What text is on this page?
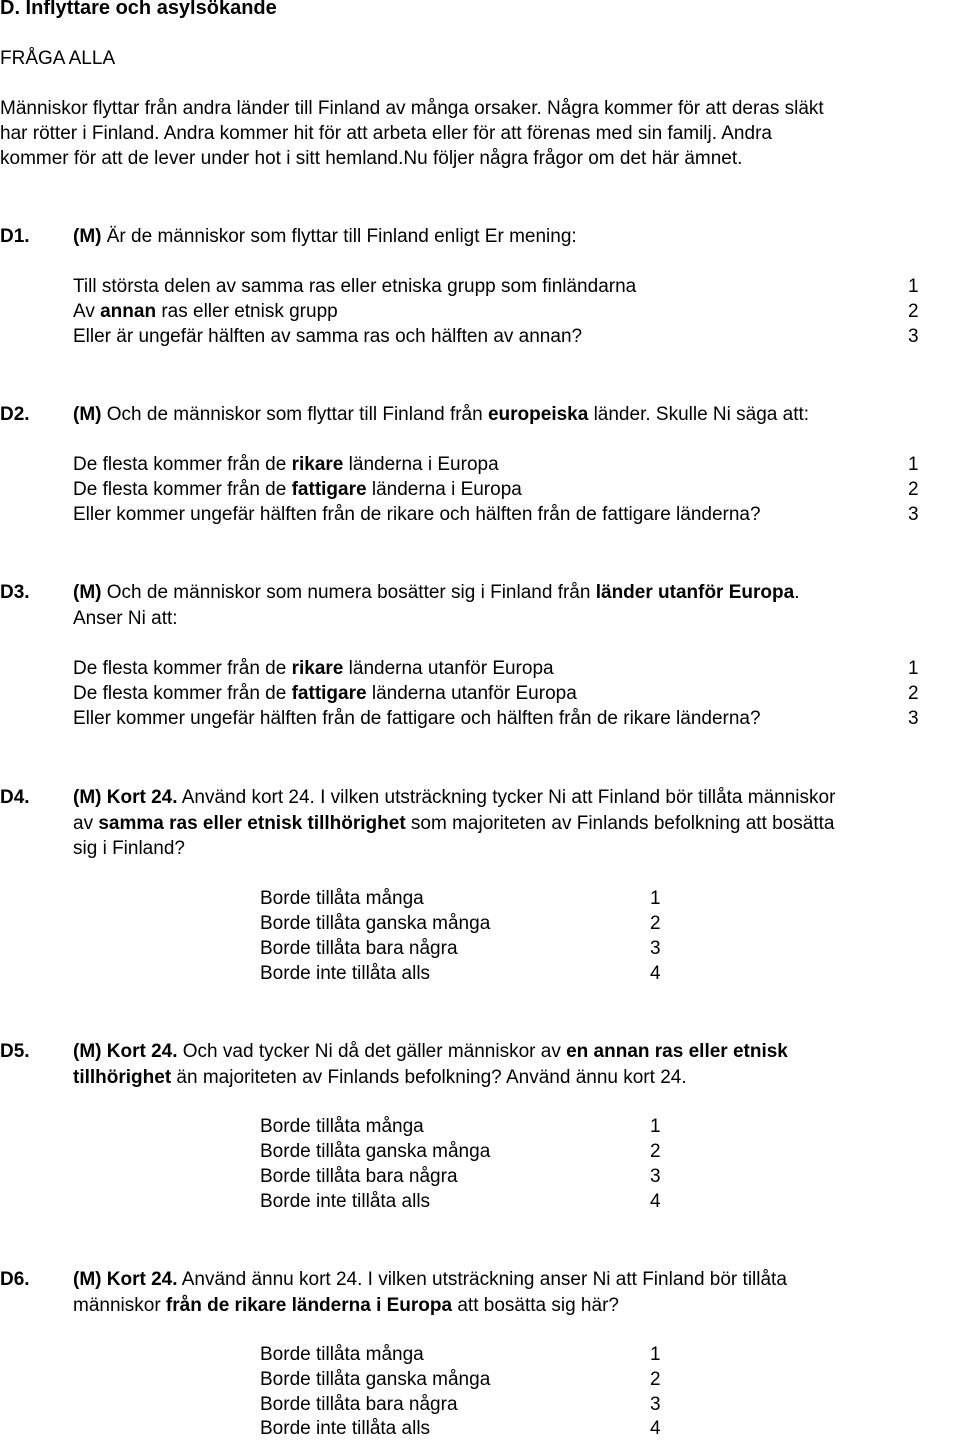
D. Inflyttare och asylsökande
FRÅGA ALLA
Människor flyttar från andra länder till Finland av många orsaker. Några kommer för att deras släkt
har rötter i Finland. Andra kommer hit för att arbeta eller för att förenas med sin familj. Andra
kommer för att de lever under hot i sitt hemland.Nu följer några frågor om det här ämnet.
D1. (M) Är de människor som flyttar till Finland enligt Er mening:
Till största delen av samma ras eller etniska grupp som finländarna	1
Av annan ras eller etnisk grupp	2
Eller är ungefär hälften av samma ras och hälften av annan?	3
D2. (M) Och de människor som flyttar till Finland från europeiska länder. Skulle Ni säga att:
De flesta kommer från de rikare länderna i Europa	1
De flesta kommer från de fattigare länderna i Europa	2
Eller kommer ungefär hälften från de rikare och hälften från de fattigare länderna?	3
D3. (M) Och de människor som numera bosätter sig i Finland från länder utanför Europa.
Anser Ni att:
De flesta kommer från de rikare länderna utanför Europa	1
De flesta kommer från de fattigare länderna utanför Europa	2
Eller kommer ungefär hälften från de fattigare och hälften från de rikare länderna?	3
D4. (M) Kort 24. Använd kort 24. I vilken utsträckning tycker Ni att Finland bör tillåta människor
av samma ras eller etnisk tillhörighet som majoriteten av Finlands befolkning att bosätta
sig i Finland?
Borde tillåta många	1
Borde tillåta ganska många	2
Borde tillåta bara några	3
Borde inte tillåta alls	4
D5. (M) Kort 24. Och vad tycker Ni då det gäller människor av en annan ras eller etnisk
tillhörighet än majoriteten av Finlands befolkning? Använd ännu kort 24.
Borde tillåta många	1
Borde tillåta ganska många	2
Borde tillåta bara några	3
Borde inte tillåta alls	4
D6. (M) Kort 24. Använd ännu kort 24. I vilken utsträckning anser Ni att Finland bör tillåta
människor från de rikare länderna i Europa att bosätta sig här?
Borde tillåta många	1
Borde tillåta ganska många	2
Borde tillåta bara några	3
Borde inte tillåta alls	4
